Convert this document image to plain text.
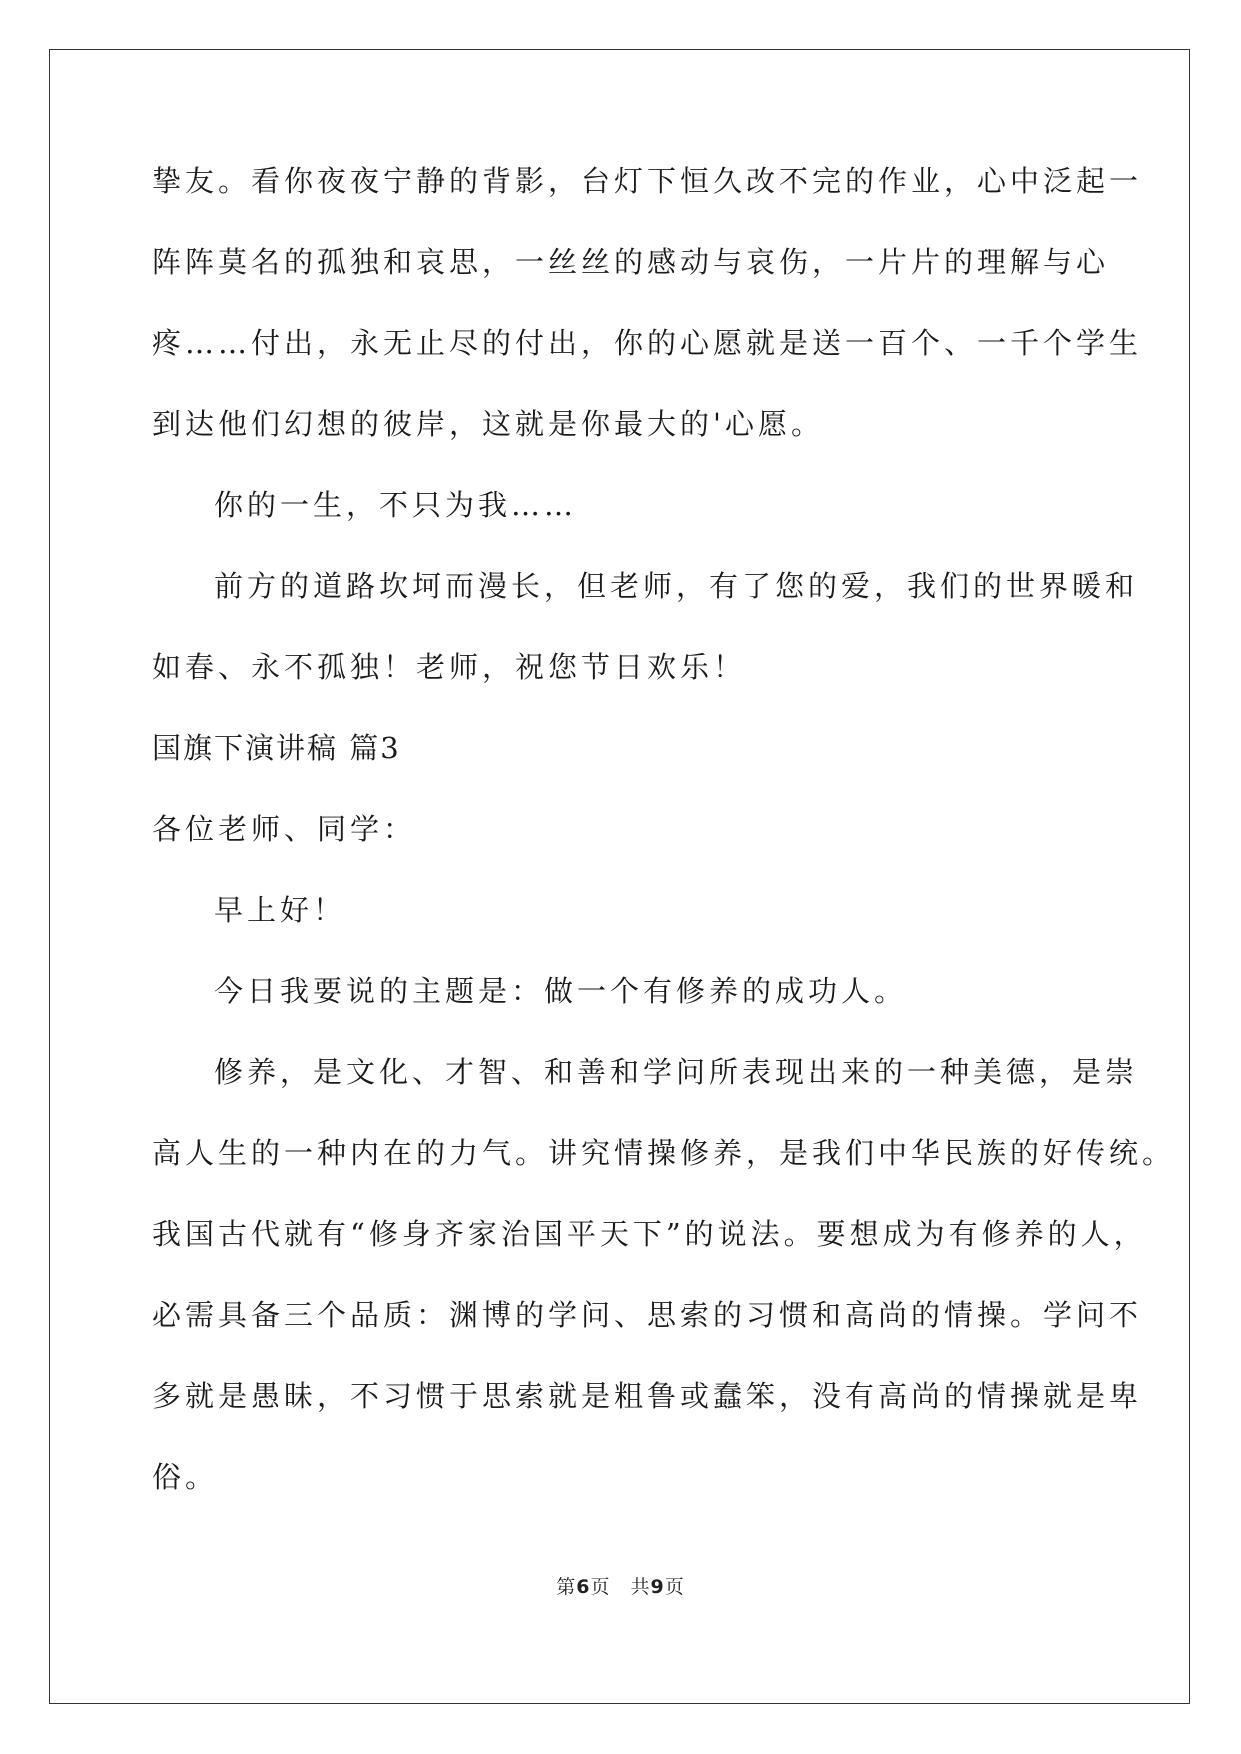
挚友。看你夜夜宁静的背影，台灯下恒久改不完的作业，心中泛起一
阵阵莫名的孤独和哀思，一丝丝的感动与哀伤，一片片的理解与心
疼……付出，永无止尽的付出，你的心愿就是送一百个、一千个学生
到达他们幻想的彼岸，这就是你最大的'心愿。
你的一生，不只为我……
前方的道路坎坷而漫长，但老师，有了您的爱，我们的世界暖和
如春、永不孤独！老师，祝您节日欢乐！
国旗下演讲稿 篇3
各位老师、同学：
早上好！
今日我要说的主题是：做一个有修养的成功人。
修养，是文化、才智、和善和学问所表现出来的一种美德，是崇
高人生的一种内在的力气。讲究情操修养，是我们中华民族的好传统。
我国古代就有“修身齐家治国平天下”的说法。要想成为有修养的人，
必需具备三个品质：渊博的学问、思索的习惯和高尚的情操。学问不
多就是愚昧，不习惯于思索就是粗鲁或蠢笨，没有高尚的情操就是卑
俗。
第6页 共9页
